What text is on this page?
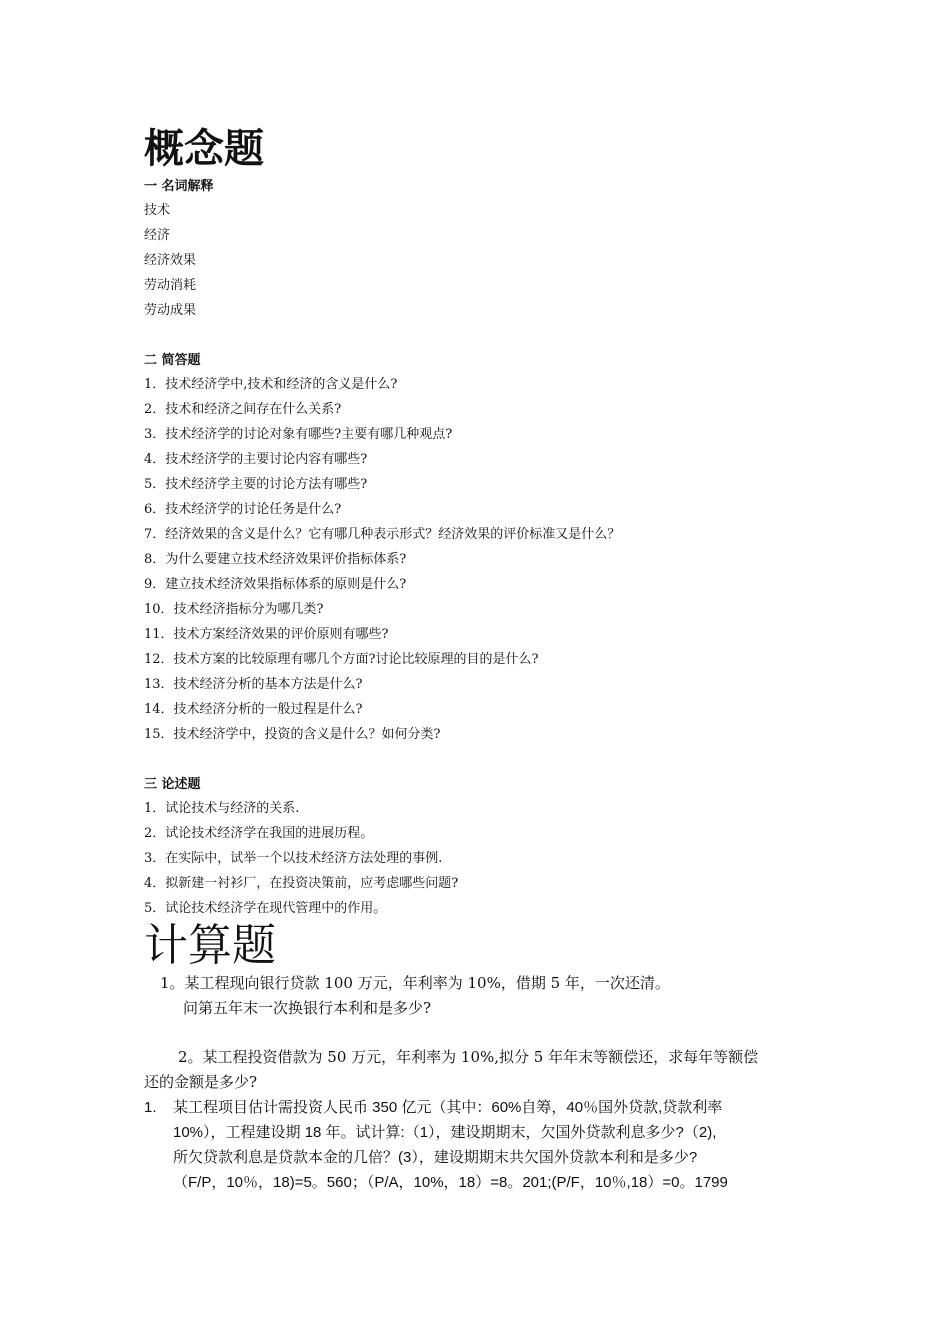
概念题
一 名词解释
技术
经济
经济效果
劳动消耗
劳动成果
二 简答题
1．技术经济学中,技术和经济的含义是什么?
2．技术和经济之间存在什么关系?
3．技术经济学的讨论对象有哪些?主要有哪几种观点?
4．技术经济学的主要讨论内容有哪些?
5．技术经济学主要的讨论方法有哪些?
6．技术经济学的讨论任务是什么?
7．经济效果的含义是什么？它有哪几种表示形式？经济效果的评价标准又是什么？
8．为什么要建立技术经济效果评价指标体系?
9．建立技术经济效果指标体系的原则是什么?
10．技术经济指标分为哪几类?
11．技术方案经济效果的评价原则有哪些?
12．技术方案的比较原理有哪几个方面?讨论比较原理的目的是什么?
13．技术经济分析的基本方法是什么?
14．技术经济分析的一般过程是什么?
15．技术经济学中，投资的含义是什么？如何分类?
三 论述题
1．试论技术与经济的关系.
2．试论技术经济学在我国的进展历程。
3．在实际中，试举一个以技术经济方法处理的事例.
4．拟新建一衬衫厂，在投资决策前，应考虑哪些问题?
5．试论技术经济学在现代管理中的作用。
计算题
1。某工程现向银行贷款 100 万元，年利率为 10%，借期 5 年，一次还清。
问第五年末一次换银行本利和是多少?
2。某工程投资借款为 50 万元，年利率为 10%,拟分 5 年年末等额偿还，求每年等额偿
还的金额是多少?
1. 某工程项目估计需投资人民币 350 亿元（其中：60%自筹，40％国外贷款,贷款利率
10%），工程建设期 18 年。试计算:（1），建设期期末，欠国外贷款利息多少?（2),
所欠贷款利息是贷款本金的几倍？(3），建设期期末共欠国外贷款本利和是多少?
（F/P，10％，18)=5。560；（P/A，10%，18）=8。201;(P/F，10％,18）=0。1799
